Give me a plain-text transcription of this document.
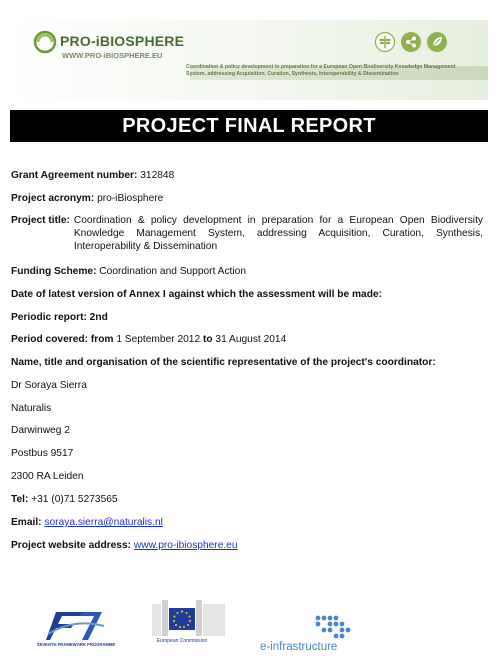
PRO-iBIOSPHERE
WWW.PRO-iBIOSPHERE.EU
Coordination & policy development in preparation for a European Open Biodiversity Knowledge Management System, addressing Acquisition, Curation, Synthesis, Interoperability & Dissemination
PROJECT FINAL REPORT
Grant Agreement number: 312848
Project acronym: pro-iBiosphere
Project title: Coordination & policy development in preparation for a European Open Biodiversity Knowledge Management System, addressing Acquisition, Curation, Synthesis, Interoperability & Dissemination
Funding Scheme: Coordination and Support Action
Date of latest version of Annex I against which the assessment will be made:
Periodic report: 2nd
Period covered: from 1 September 2012 to 31 August 2014
Name, title and organisation of the scientific representative of the project's coordinator:
Dr Soraya Sierra
Naturalis
Darwinweg 2
Postbus 9517
2300 RA Leiden
Tel: +31 (0)71 5273565
Email: soraya.sierra@naturalis.nl
Project website address: www.pro-ibiosphere.eu
SEVENTH FRAMEWORK PROGRAMME
European Commission	e-infrastructure
